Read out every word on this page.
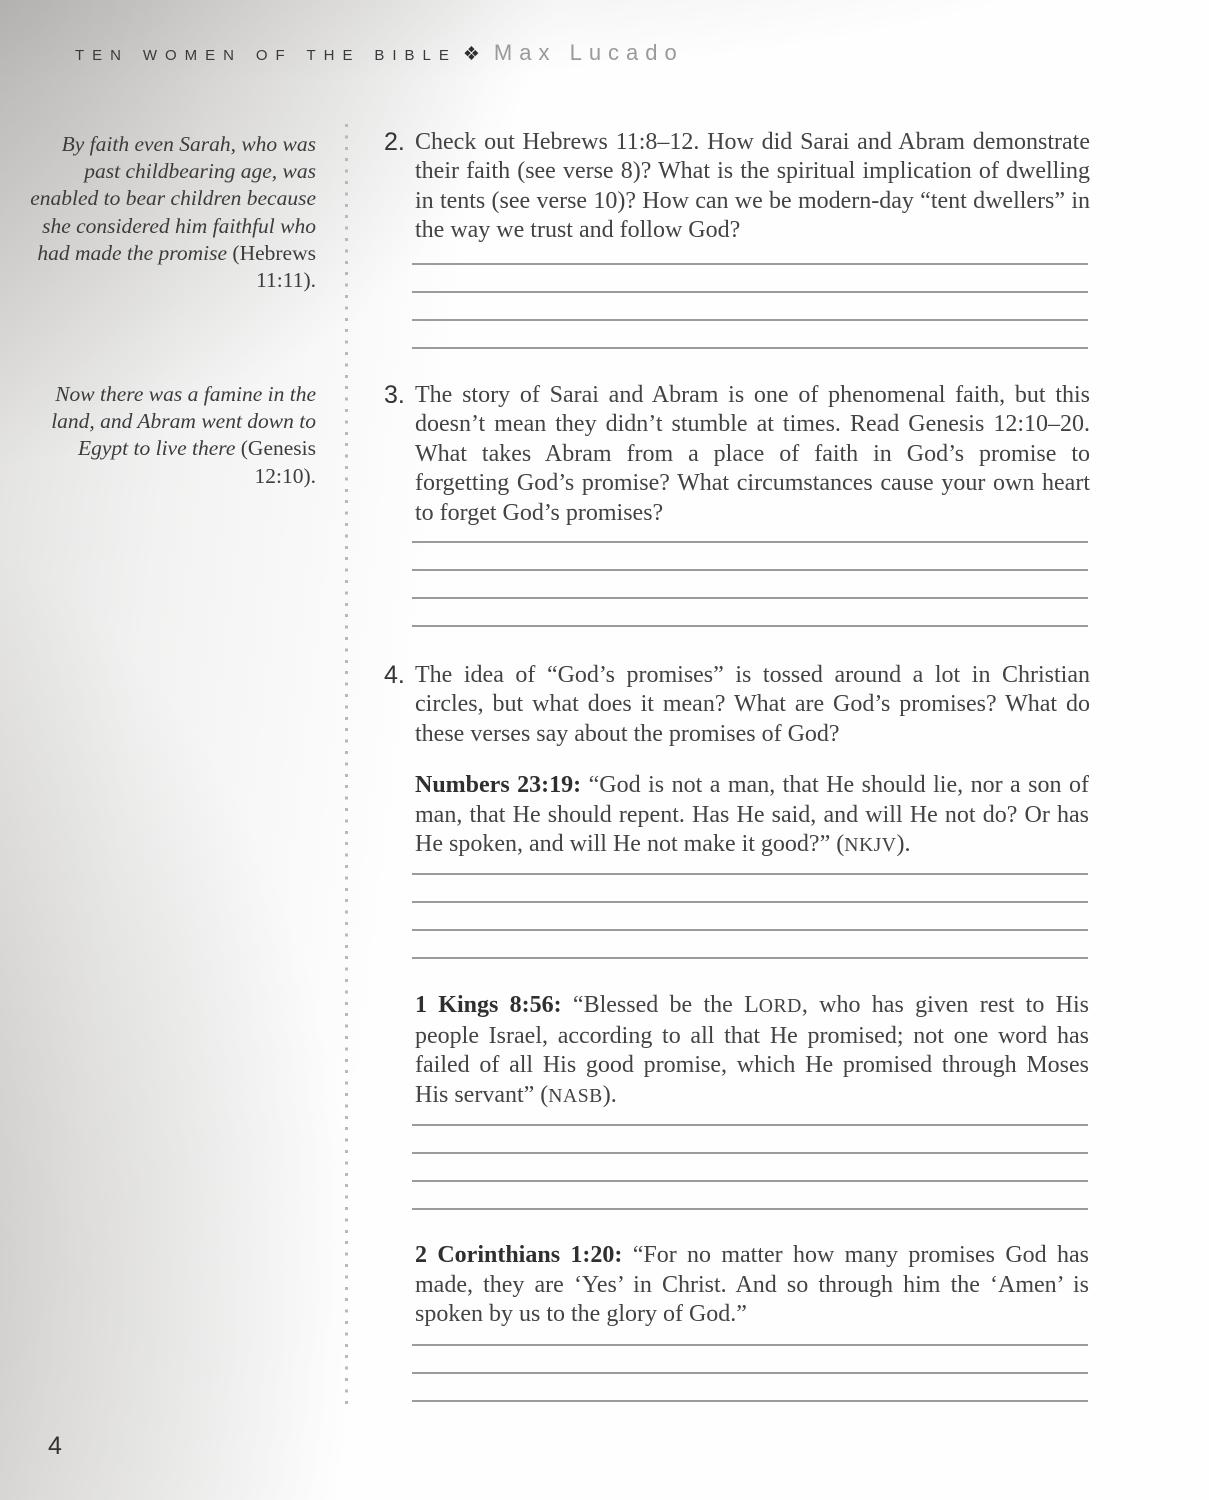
ten women of the bible ❖ Max Lucado
By faith even Sarah, who was past childbearing age, was enabled to bear children because she considered him faithful who had made the promise (Hebrews 11:11).
Now there was a famine in the land, and Abram went down to Egypt to live there (Genesis 12:10).
2. Check out Hebrews 11:8–12. How did Sarai and Abram demonstrate their faith (see verse 8)? What is the spiritual implication of dwelling in tents (see verse 10)? How can we be modern-day “tent dwellers” in the way we trust and follow God?
3. The story of Sarai and Abram is one of phenomenal faith, but this doesn’t mean they didn’t stumble at times. Read Genesis 12:10–20. What takes Abram from a place of faith in God’s promise to forgetting God’s promise? What circumstances cause your own heart to forget God’s promises?
4. The idea of “God’s promises” is tossed around a lot in Christian circles, but what does it mean? What are God’s promises? What do these verses say about the promises of God?
Numbers 23:19: “God is not a man, that He should lie, nor a son of man, that He should repent. Has He said, and will He not do? Or has He spoken, and will He not make it good?” (NKJV).
1 Kings 8:56: “Blessed be the LORD, who has given rest to His people Israel, according to all that He promised; not one word has failed of all His good promise, which He promised through Moses His servant” (NASB).
2 Corinthians 1:20: “For no matter how many promises God has made, they are ‘Yes’ in Christ. And so through him the ‘Amen’ is spoken by us to the glory of God.”
4
